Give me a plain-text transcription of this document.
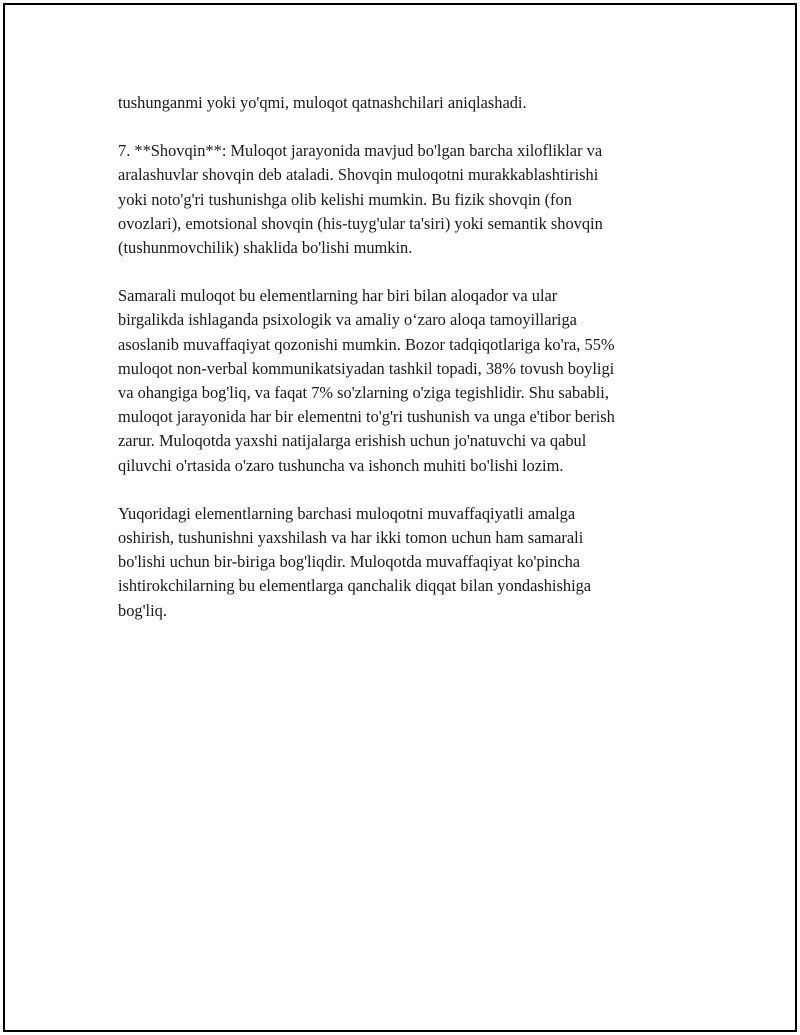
tushunganmi yoki yo'qmi, muloqot qatnashchilari aniqlashadi.

7. **Shovqin**: Muloqot jarayonida mavjud bo'lgan barcha xilofliklar va
aralashuvlar shovqin deb ataladi. Shovqin muloqotni murakkablashtirishi
yoki noto'g'ri tushunishga olib kelishi mumkin. Bu fizik shovqin (fon
ovozlari), emotsional shovqin (his-tuyg'ular ta'siri) yoki semantik shovqin
(tushunmovchilik) shaklida bo'lishi mumkin.

Samarali muloqot bu elementlarning har biri bilan aloqador va ular
birgalikda ishlaganda psixologik va amaliy o‘zaro aloqa tamoyillariga
asoslanib muvaffaqiyat qozonishi mumkin. Bozor tadqiqotlariga ko'ra, 55%
muloqot non-verbal kommunikatsiyadan tashkil topadi, 38% tovush boyligi
va ohangiga bog'liq, va faqat 7% so'zlarning o'ziga tegishlidir. Shu sababli,
muloqot jarayonida har bir elementni to'g'ri tushunish va unga e'tibor berish
zarur. Muloqotda yaxshi natijalarga erishish uchun jo'natuvchi va qabul
qiluvchi o'rtasida o'zaro tushuncha va ishonch muhiti bo'lishi lozim.

Yuqoridagi elementlarning barchasi muloqotni muvaffaqiyatli amalga
oshirish, tushunishni yaxshilash va har ikki tomon uchun ham samarali
bo'lishi uchun bir-biriga bog'liqdir. Muloqotda muvaffaqiyat ko'pincha
ishtirokchilarning bu elementlarga qanchalik diqqat bilan yondashishiga
bog'liq.
